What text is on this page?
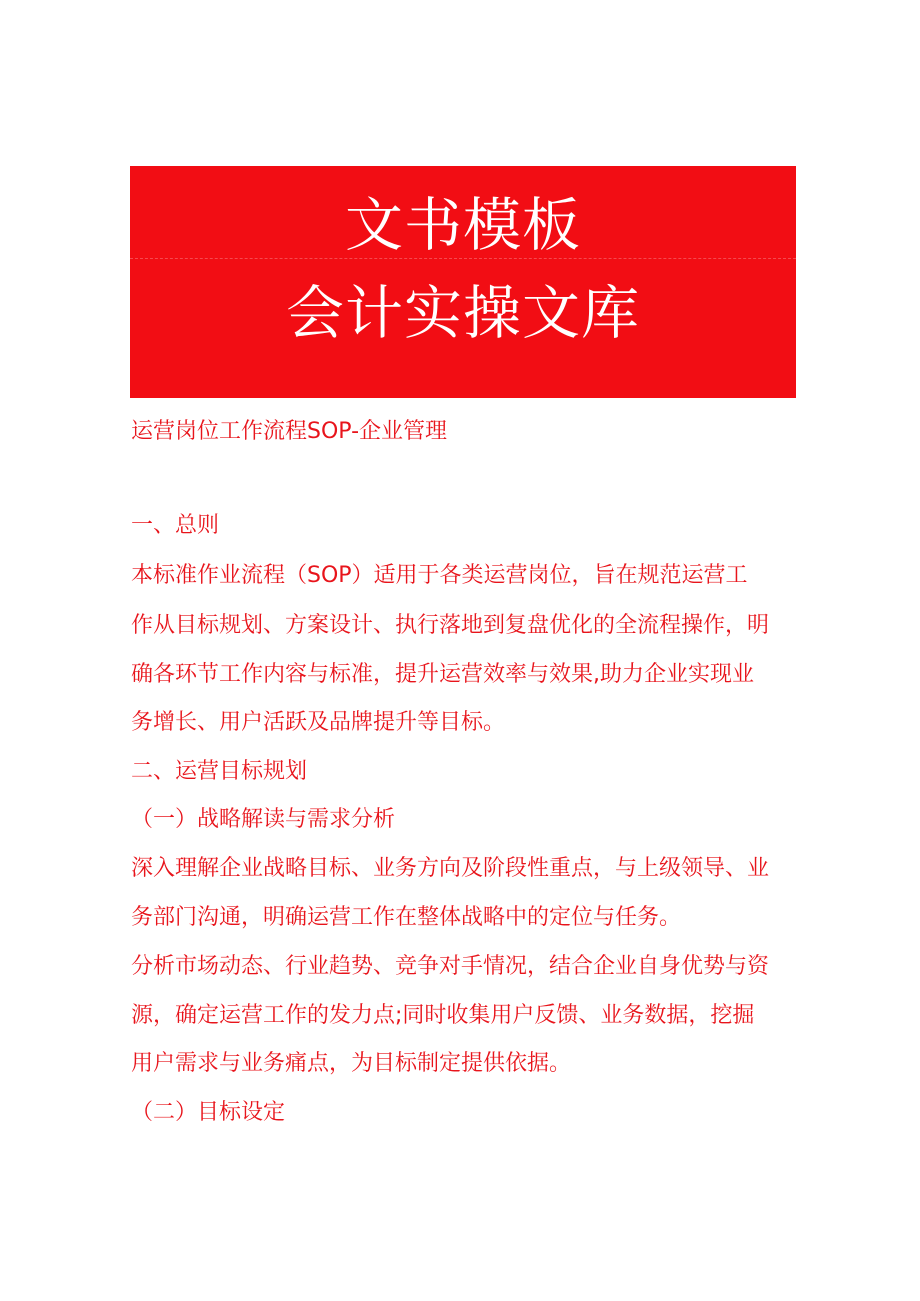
文书模板
会计实操文库
运营岗位工作流程SOP-企业管理
一、总则
本标准作业流程（SOP）适用于各类运营岗位，旨在规范运营工
作从目标规划、方案设计、执行落地到复盘优化的全流程操作，明
确各环节工作内容与标准，提升运营效率与效果,助力企业实现业
务增长、用户活跃及品牌提升等目标。
二、运营目标规划
（一）战略解读与需求分析
深入理解企业战略目标、业务方向及阶段性重点，与上级领导、业
务部门沟通，明确运营工作在整体战略中的定位与任务。
分析市场动态、行业趋势、竞争对手情况，结合企业自身优势与资
源，确定运营工作的发力点;同时收集用户反馈、业务数据，挖掘
用户需求与业务痛点，为目标制定提供依据。
（二）目标设定
